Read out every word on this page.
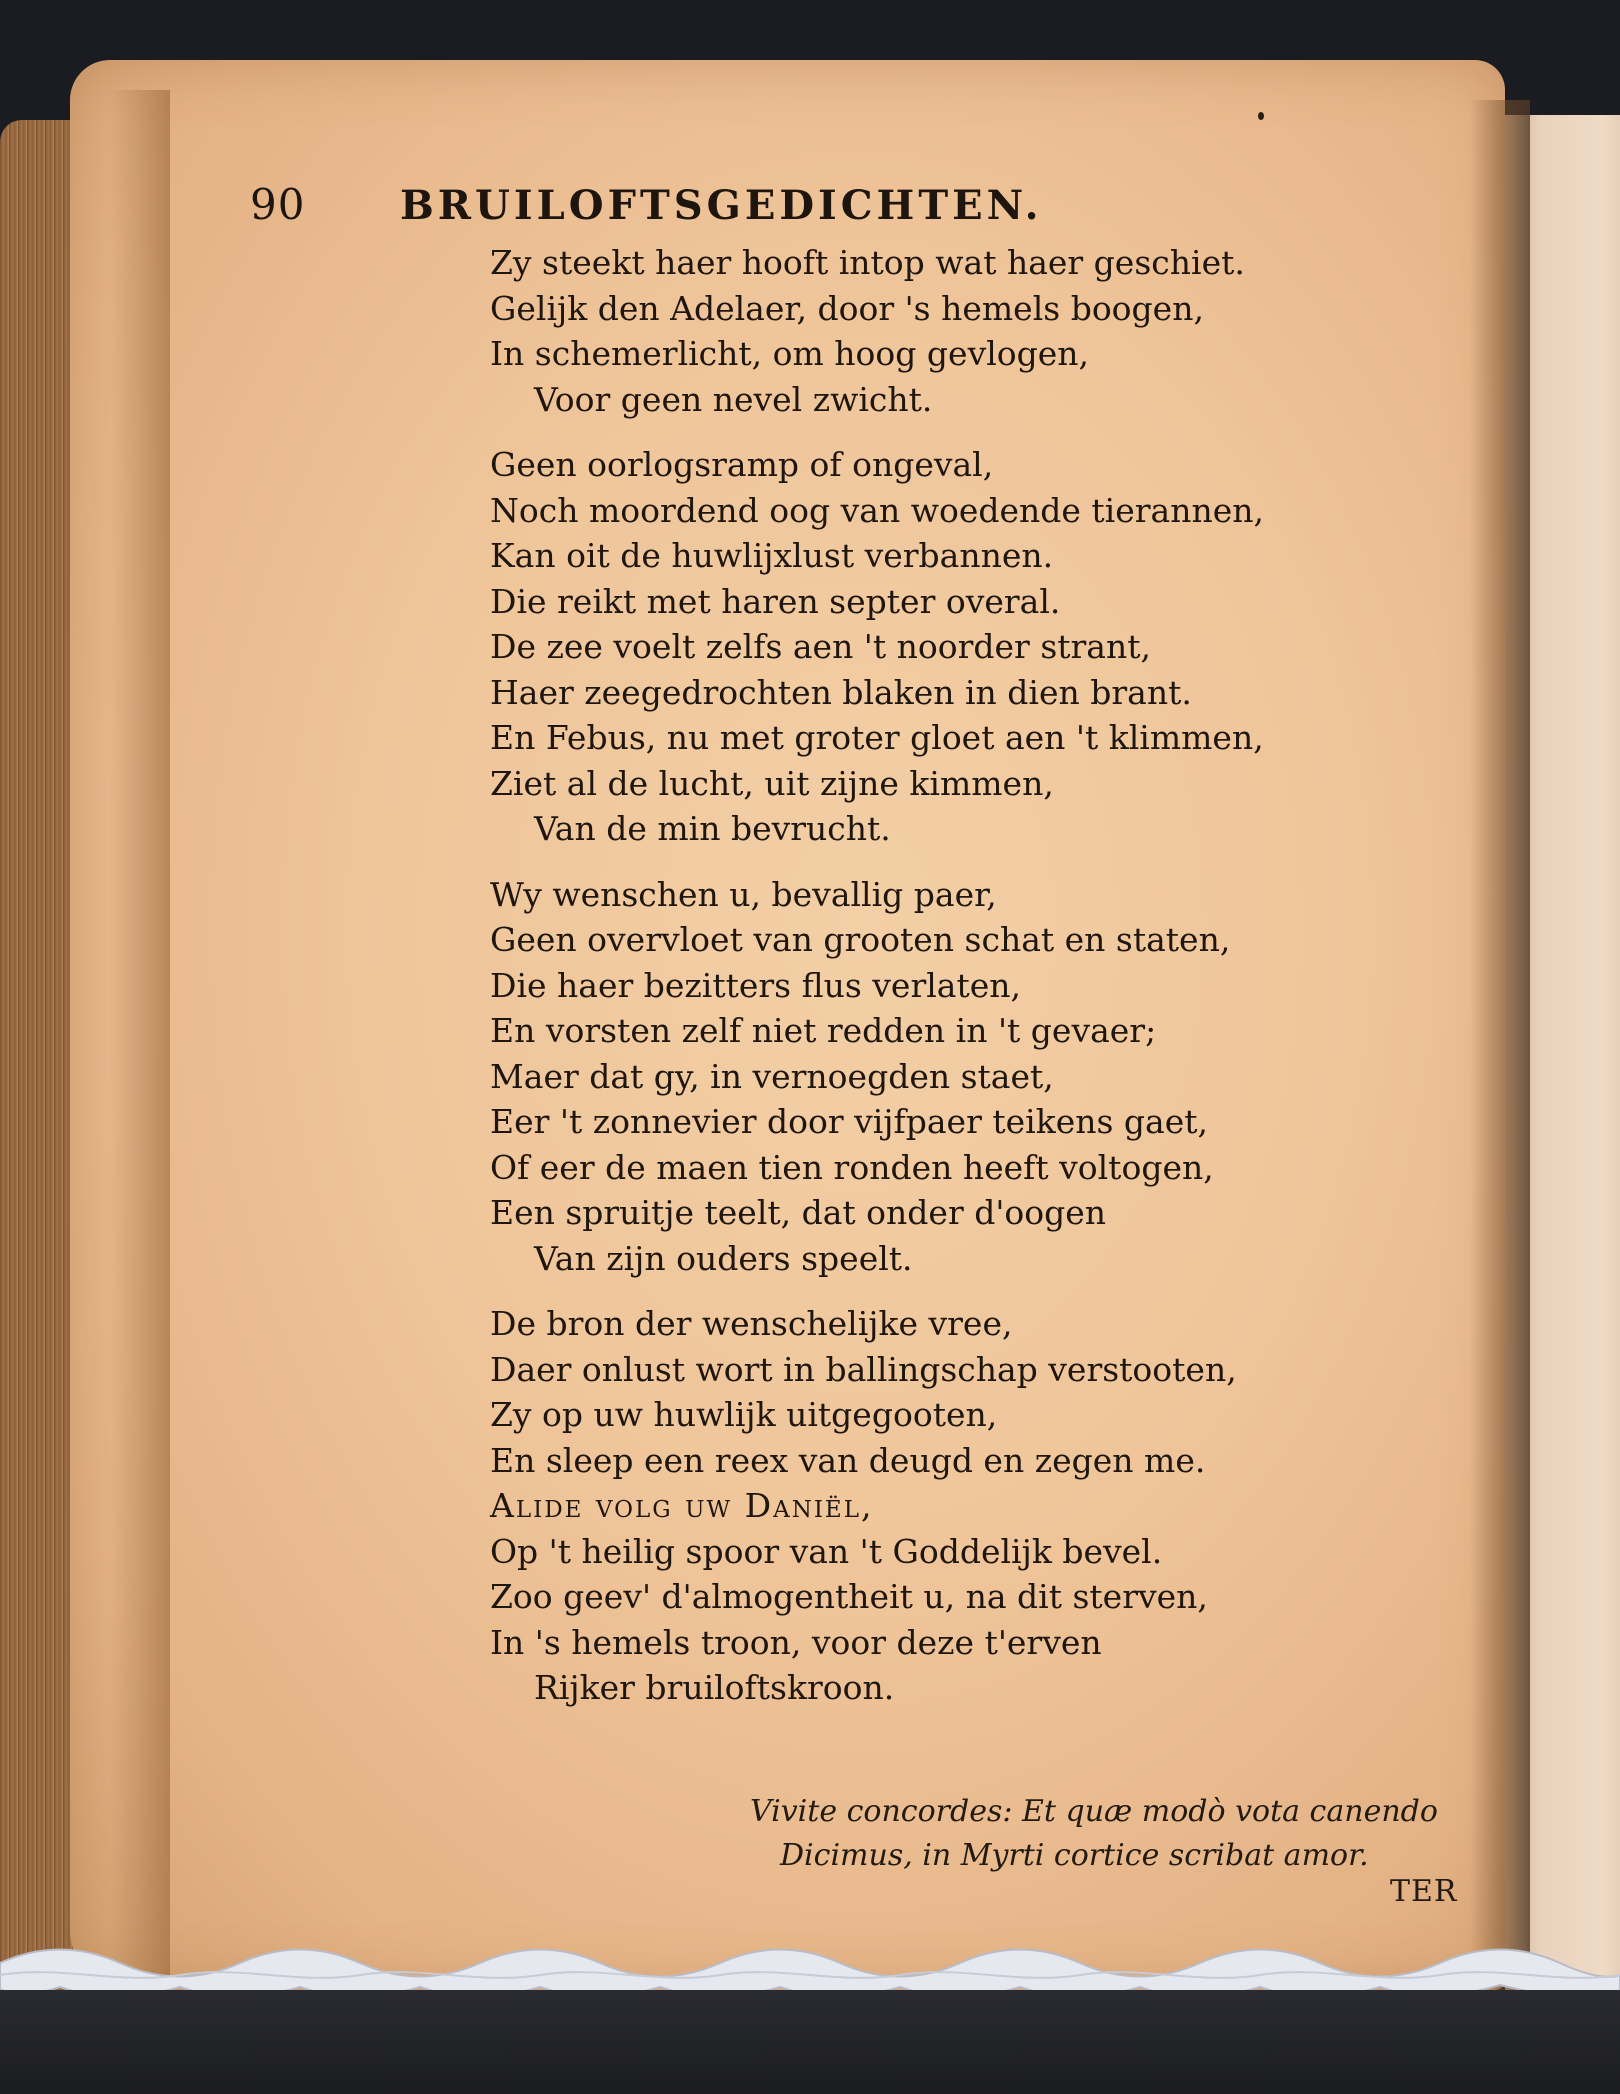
90	BRUILOFTSGEDICHTEN.
Zy steekt haer hooft intop wat haer geschiet.
Gelijk den Adelaer, door 's hemels boogen,
In schemerlicht, om hoog gevlogen,
Voor geen nevel zwicht.
Geen oorlogsramp of ongeval,
Noch moordend oog van woedende tierannen,
Kan oit de huwlijxlust verbannen.
Die reikt met haren septer overal.
De zee voelt zelfs aen 't noorder strant,
Haer zeegedrochten blaken in dien brant.
En Febus, nu met groter gloet aen 't klimmen,
Ziet al de lucht, uit zijne kimmen,
Van de min bevrucht.
Wy wenschen u, bevallig paer,
Geen overvloet van grooten schat en staten,
Die haer bezitters flus verlaten,
En vorsten zelf niet redden in 't gevaer;
Maer dat gy, in vernoegden staet,
Eer 't zonnevier door vijfpaer teikens gaet,
Of eer de maen tien ronden heeft voltogen,
Een spruitje teelt, dat onder d'oogen
Van zijn ouders speelt.
De bron der wenschelijke vree,
Daer onlust wort in ballingschap verstooten,
Zy op uw huwlijk uitgegooten,
En sleep een reex van deugd en zegen me.
Alide volg uw Daniël,
Op 't heilig spoor van 't Goddelijk bevel.
Zoo geev' d'almogentheit u, na dit sterven,
In 's hemels troon, voor deze t'erven
Rijker bruiloftskroon.
Vivite concordes: Et quæ modò vota canendo
Dicimus, in Myrti cortice scribat amor.
TER
